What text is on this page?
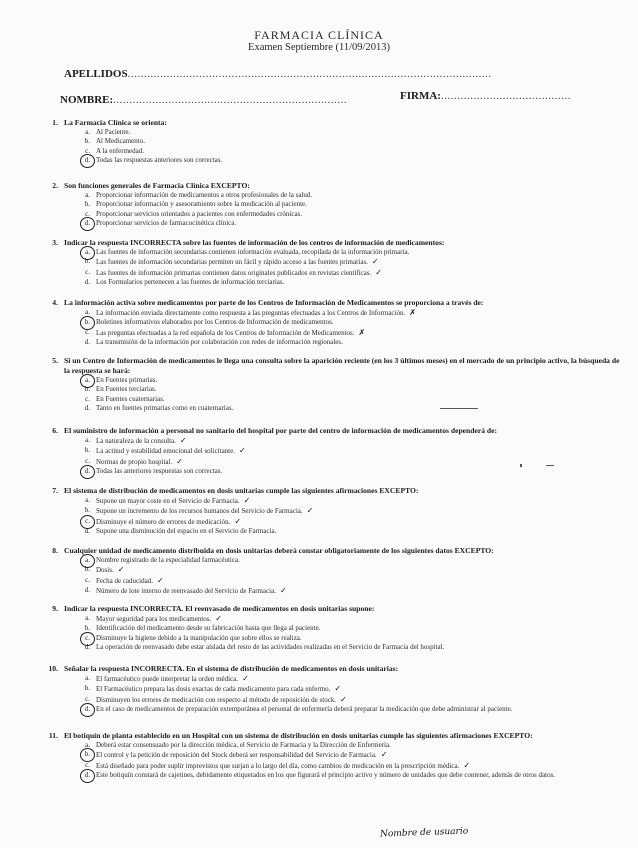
FARMACIA CLÍNICA
Examen Septiembre (11/09/2013)
APELLIDOS................................................................................................................
NOMBRE:........................................................................	FIRMA:........................................
1. La Farmacia Clínica se orienta:
a. Al Paciente.
b. Al Medicamento.
c. A la enfermedad.
d. Todas las respuestas anteriores son correctas.
2. Son funciones generales de Farmacia Clínica EXCEPTO:
a. Proporcionar información de medicamentos a otros profesionales de la salud.
b. Proporcionar información y asesoramiento sobre la medicación al paciente.
c. Proporcionar servicios orientados a pacientes con enfermedades crónicas.
d. Proporcionar servicios de farmacocinética clínica.
3. Indicar la respuesta INCORRECTA sobre las fuentes de información de los centros de información de medicamentos:
a. Las fuentes de información secundarias contienen información evaluada, recopilada de la información primaria.
b. Las fuentes de información secundarias permiten un fácil y rápido acceso a las fuentes primarias. ✓
c. Las fuentes de información primarias contienen datos originales publicados en revistas científicas. ✓
d. Los Formularios pertenecen a las fuentes de información terciarias.
4. La información activa sobre medicamentos por parte de los Centros de Información de Medicamentos se proporciona a través de:
a. La información enviada directamente como respuesta a las preguntas efectuadas a los Centros de Información. ✗
b. Boletines informativos elaborados por los Centros de Información de medicamentos.
c. Las preguntas efectuadas a la red española de los Centros de Información de Medicamentos. ✗
d. La transmisión de la información por colaboración con redes de información regionales.
5. Si un Centro de Información de medicamentos le llega una consulta sobre la aparición reciente (en los 3 últimos meses) en el mercado de un principio activo, la búsqueda de la respuesta se hará:
a. En Fuentes primarias.
b. En Fuentes terciarias.
c. En Fuentes cuaternarias.
d. Tanto en fuentes primarias como en cuaternarias.
6. El suministro de información a personal no sanitario del hospital por parte del centro de información de medicamentos dependerá de:
a. La naturaleza de la consulta. ✓
b. La actitud y estabilidad emocional del solicitante. ✓
c. Normas de propio hospital. ✓
d. Todas las anteriores respuestas son correctas.
7. El sistema de distribución de medicamentos en dosis unitarias cumple las siguientes afirmaciones EXCEPTO:
a. Supone un mayor coste en el Servicio de Farmacia. ✓
b. Supone un incremento de los recursos humanos del Servicio de Farmacia. ✓
c. Disminuye el número de errores de medicación. ✓
d. Supone una disminución del espacio en el Servicio de Farmacia.
8. Cualquier unidad de medicamento distribuida en dosis unitarias deberá constar obligatoriamente de los siguientes datos EXCEPTO:
a. Nombre registrado de la especialidad farmacéutica.
b. Dosis. ✓
c. Fecha de caducidad. ✓
d. Número de lote interno de reenvasado del Servicio de Farmacia. ✓
9. Indicar la respuesta INCORRECTA. El reenvasado de medicamentos en dosis unitarias supone:
a. Mayor seguridad para los medicamentos. ✓
b. Identificación del medicamento desde su fabricación hasta que llega al paciente.
c. Disminuye la higiene debido a la manipulación que sobre ellos se realiza.
d. La operación de reenvasado debe estar aislada del resto de las actividades realizadas en el Servicio de Farmacia del hospital.
10. Señalar la respuesta INCORRECTA. En el sistema de distribución de medicamentos en dosis unitarias:
a. El farmacéutico puede interpretar la orden médica. ✓
b. El Farmacéutico prepara las dosis exactas de cada medicamento para cada enfermo. ✓
c. Disminuyen los errores de medicación con respecto al método de reposición de stock. ✓
d. En el caso de medicamentos de preparación extemporánea el personal de enfermería deberá preparar la medicación que debe administrar al paciente.
11. El botiquín de planta establecido en un Hospital con un sistema de distribución en dosis unitarias cumple las siguientes afirmaciones EXCEPTO:
a. Deberá estar consensuado por la dirección médica, el Servicio de Farmacia y la Dirección de Enfermería.
b. El control y la petición de reposición del Stock deberá ser responsabilidad del Servicio de Farmacia. ✓
c. Está diseñado para poder suplir imprevistos que surjan a lo largo del día, como cambios de medicación en la prescripción médica. ✓
d. Este botiquín constará de cajetines, debidamente etiquetados en los que figurará el principio activo y número de unidades que debe contener, además de otros datos.
Nombre de usuario
